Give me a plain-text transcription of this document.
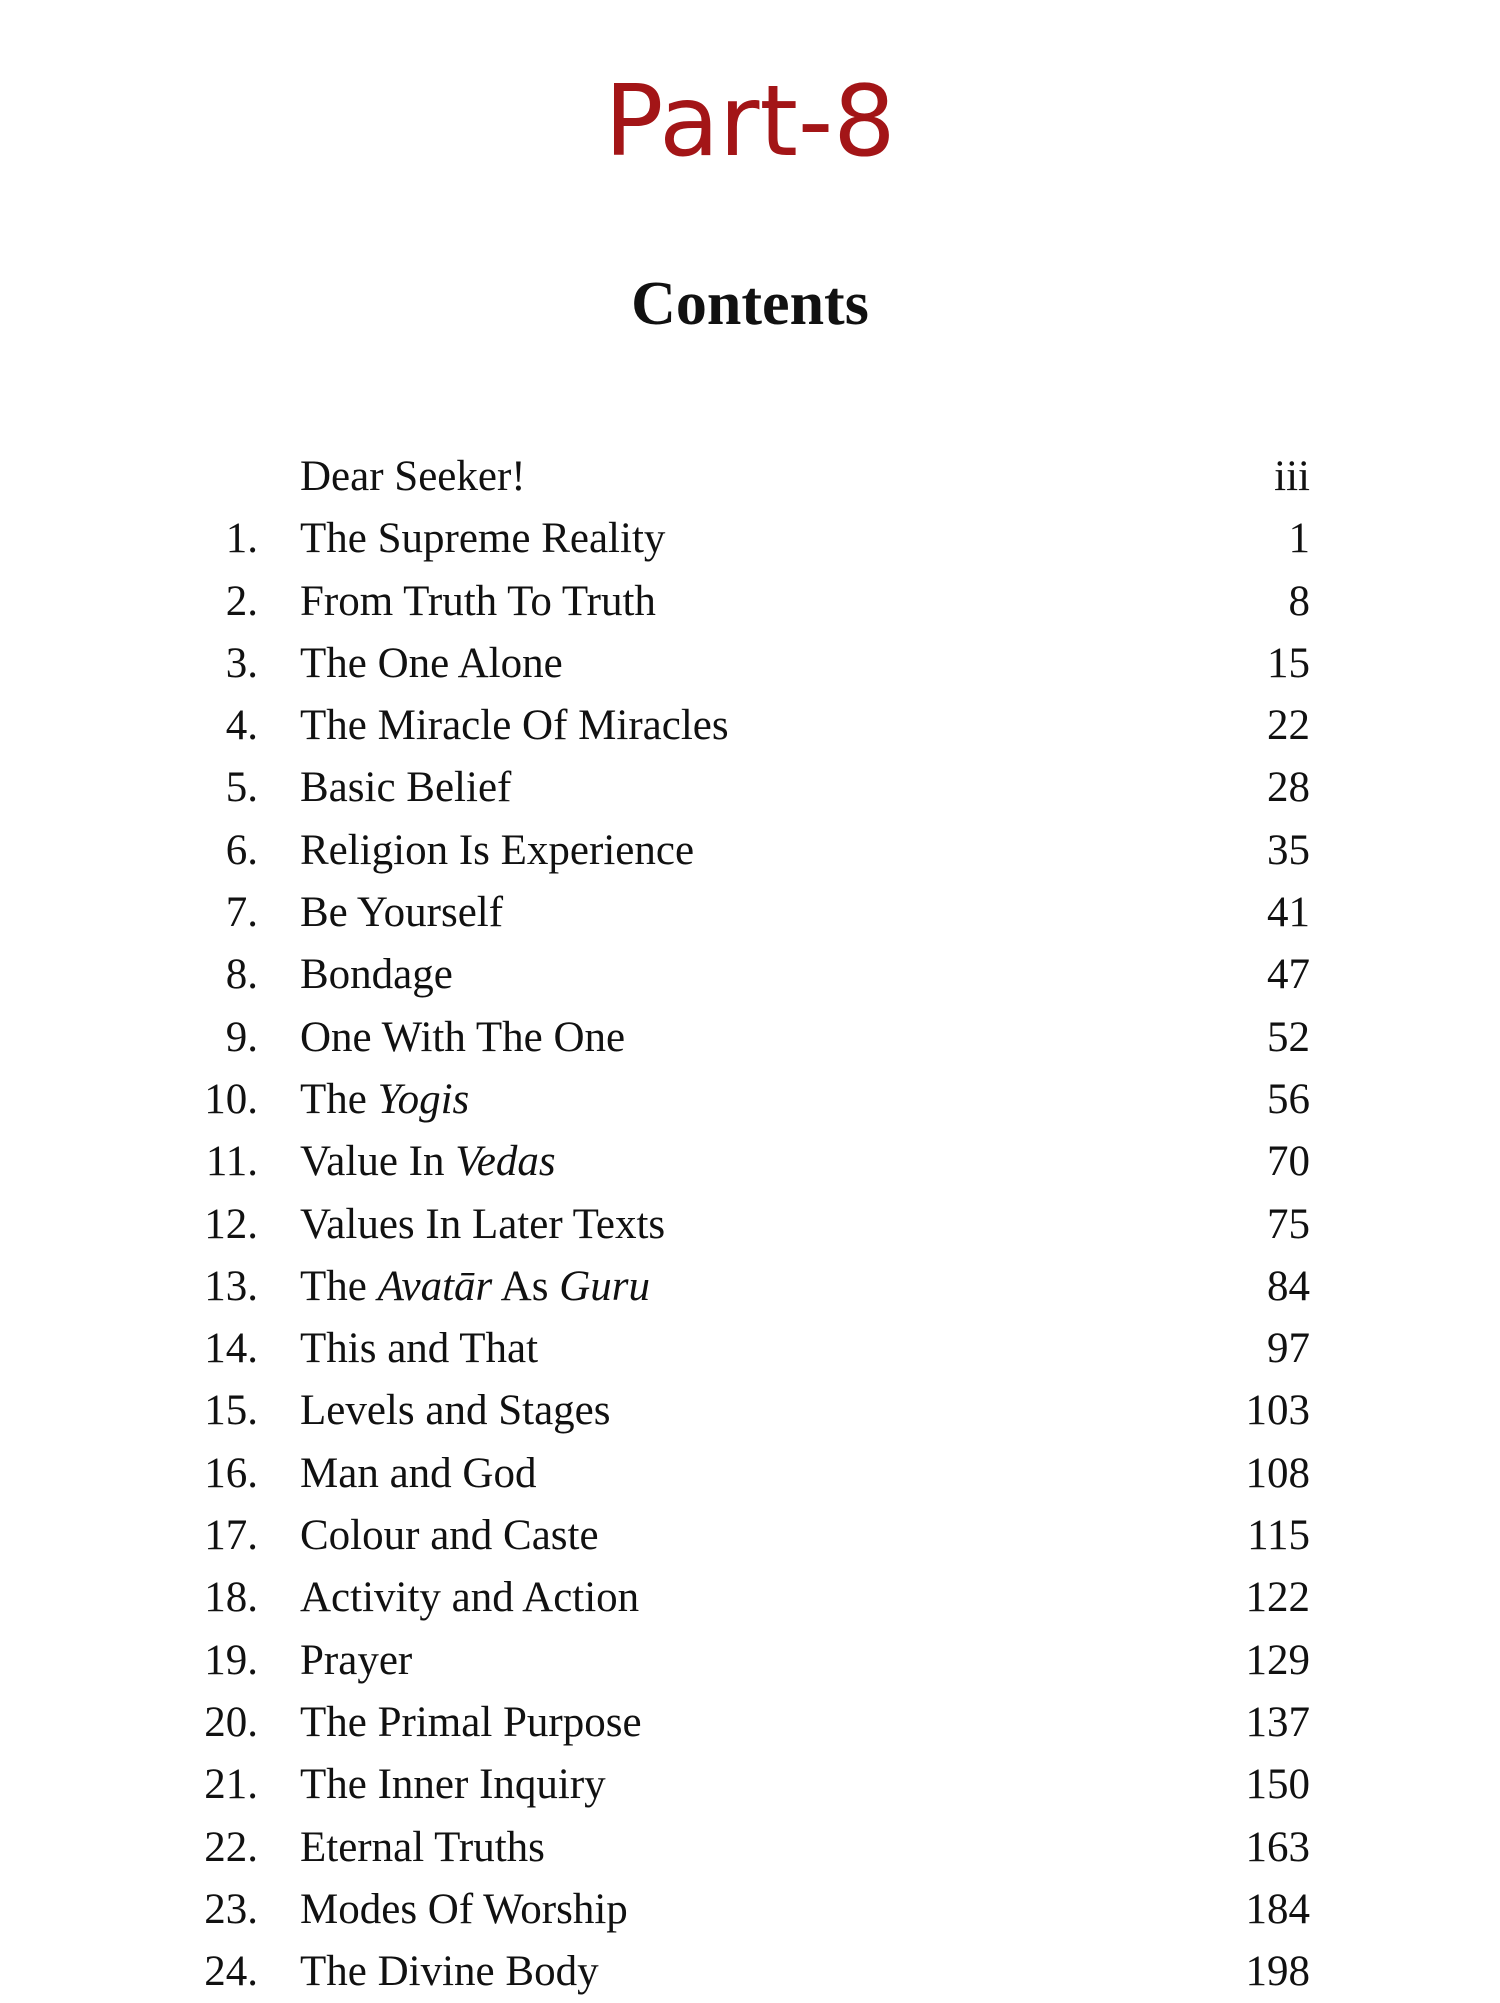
Part-8
Contents
Dear Seeker!	iii
1. The Supreme Reality	1
2. From Truth To Truth	8
3. The One Alone	15
4. The Miracle Of Miracles	22
5. Basic Belief	28
6. Religion Is Experience	35
7. Be Yourself	41
8. Bondage	47
9. One With The One	52
10. The Yogis	56
11. Value In Vedas	70
12. Values In Later Texts	75
13. The Avatār As Guru	84
14. This and That	97
15. Levels and Stages	103
16. Man and God	108
17. Colour and Caste	115
18. Activity and Action	122
19. Prayer	129
20. The Primal Purpose	137
21. The Inner Inquiry	150
22. Eternal Truths	163
23. Modes Of Worship	184
24. The Divine Body	198
